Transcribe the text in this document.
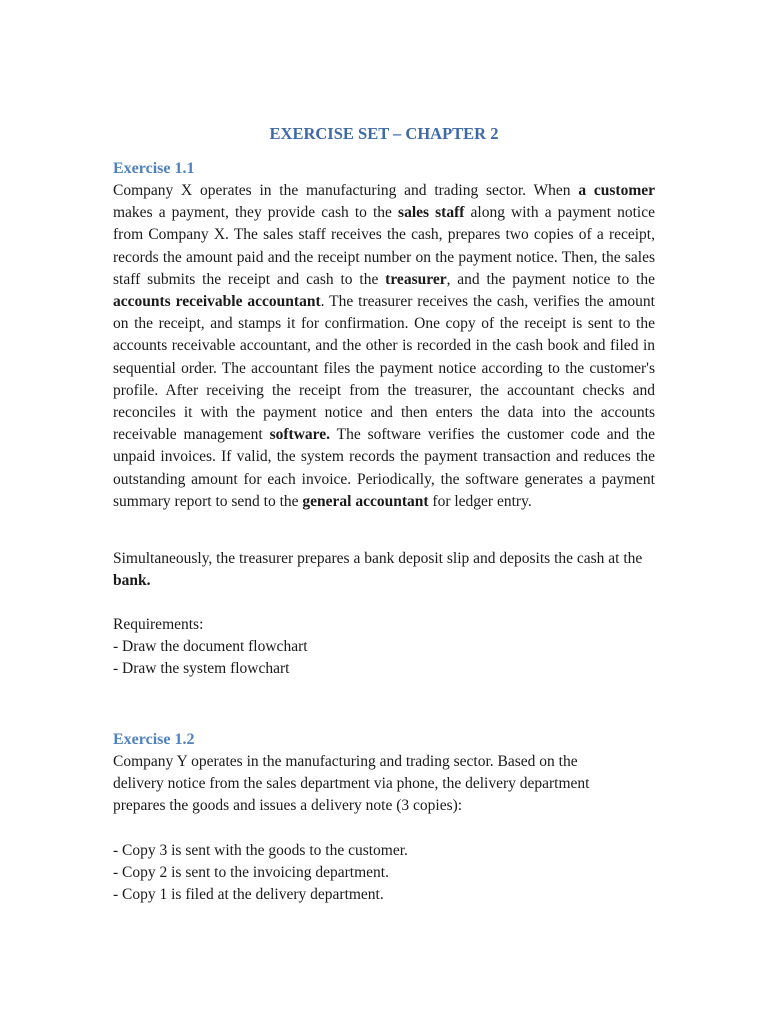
EXERCISE SET – CHAPTER 2
Exercise 1.1

Company X operates in the manufacturing and trading sector. When a customer makes a payment, they provide cash to the sales staff along with a payment notice from Company X. The sales staff receives the cash, prepares two copies of a receipt, records the amount paid and the receipt number on the payment notice. Then, the sales staff submits the receipt and cash to the treasurer, and the payment notice to the accounts receivable accountant. The treasurer receives the cash, verifies the amount on the receipt, and stamps it for confirmation. One copy of the receipt is sent to the accounts receivable accountant, and the other is recorded in the cash book and filed in sequential order. The accountant files the payment notice according to the customer's profile. After receiving the receipt from the treasurer, the accountant checks and reconciles it with the payment notice and then enters the data into the accounts receivable management software. The software verifies the customer code and the unpaid invoices. If valid, the system records the payment transaction and reduces the outstanding amount for each invoice. Periodically, the software generates a payment summary report to send to the general accountant for ledger entry.

Simultaneously, the treasurer prepares a bank deposit slip and deposits the cash at the bank.

Requirements:
- Draw the document flowchart
- Draw the system flowchart
Exercise 1.2
Company Y operates in the manufacturing and trading sector. Based on the
delivery notice from the sales department via phone, the delivery department
prepares the goods and issues a delivery note (3 copies):
- Copy 3 is sent with the goods to the customer.
- Copy 2 is sent to the invoicing department.
- Copy 1 is filed at the delivery department.
